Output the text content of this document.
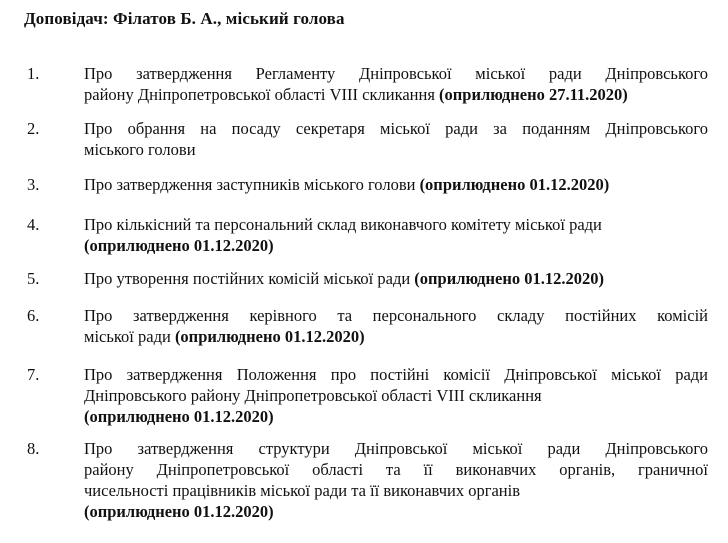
Доповідач: Філатов Б. А., міський голова
1.	Про затвердження Регламенту Дніпровської міської ради Дніпровського
району Дніпропетровської області VIII скликання (оприлюднено 27.11.2020)
2.	Про обрання на посаду секретаря міської ради за поданням Дніпровського
міського голови
3.	Про затвердження заступників міського голови (оприлюднено 01.12.2020)
4.	Про кількісний та персональний склад виконавчого комітету міської ради
(оприлюднено 01.12.2020)
5.	Про утворення постійних комісій міської ради (оприлюднено 01.12.2020)
6.	Про затвердження керівного та персонального складу постійних комісій
міської ради (оприлюднено 01.12.2020)
7.	Про затвердження Положення про постійні комісії Дніпровської міської ради
Дніпровського району Дніпропетровської області VIII скликання
(оприлюднено 01.12.2020)
8.	Про затвердження структури Дніпровської міської ради Дніпровського
району Дніпропетровської області та її виконавчих органів, граничної
чисельності працівників міської ради та її виконавчих органів
(оприлюднено 01.12.2020)
